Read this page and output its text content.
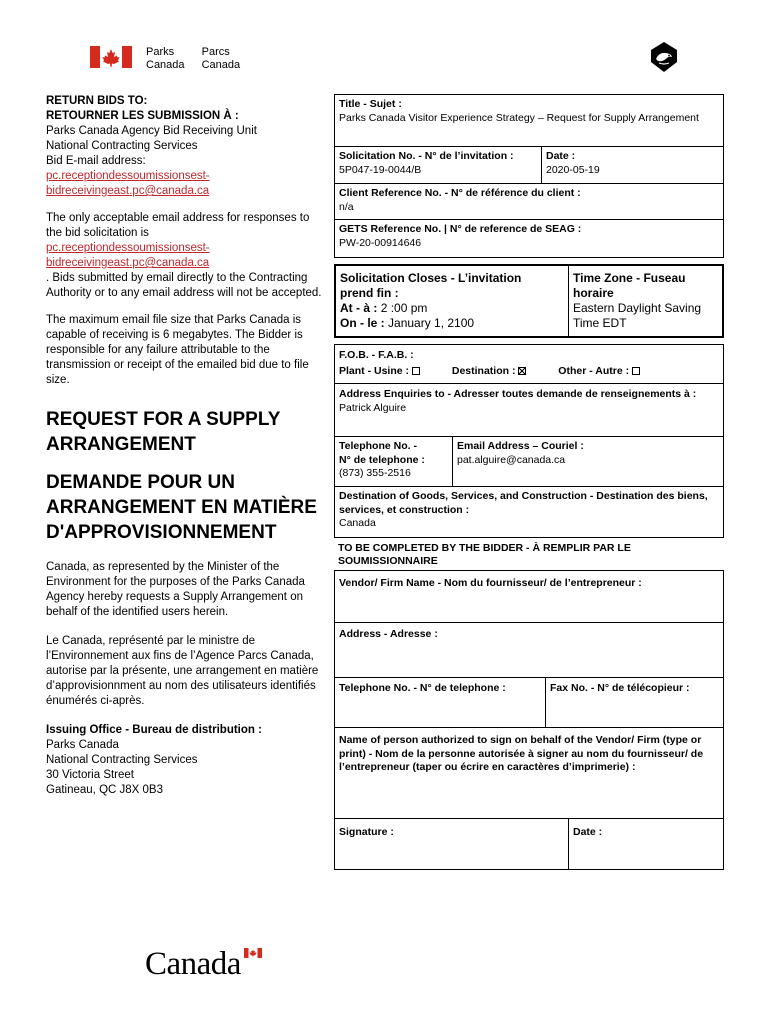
Parks
Canada

Parcs
Canada
RETURN BIDS TO:
RETOURNER LES SUBMISSION À :
Parks Canada Agency Bid Receiving Unit
National Contracting Services
Bid E-mail address:
pc.receptiondessoumissionsest-
bidreceivingeast.pc@canada.ca

The only acceptable email address for responses to the bid solicitation is

pc.receptiondessoumissionsest-
bidreceivingeast.pc@canada.ca

. Bids submitted by email directly to the Contracting Authority or to any email address will not be accepted.

The maximum email file size that Parks Canada is capable of receiving is 6 megabytes. The Bidder is responsible for any failure attributable to the transmission or receipt of the emailed bid due to file size.

REQUEST FOR A SUPPLY ARRANGEMENT

DEMANDE POUR UN ARRANGEMENT EN MATIÈRE D'APPROVISIONNEMENT

Canada, as represented by the Minister of the Environment for the purposes of the Parks Canada Agency hereby requests a Supply Arrangement on behalf of the identified users herein.

Le Canada, représenté par le ministre de l’Environnement aux fins de l’Agence Parcs Canada, autorise par la présente, une arrangement en matière d’approvisionnment au nom des utilisateurs identifiés énumérés ci-après.

Issuing Office - Bureau de distribution :
Parks Canada
National Contracting Services
30 Victoria Street
Gatineau, QC J8X 0B3
Title - Sujet :
Parks Canada Visitor Experience Strategy – Request for Supply Arrangement
Solicitation No. - N° de l’invitation :
5P047-19-0044/B
Date :
2020-05-19
Client Reference No. - N° de référence du client :
n/a
GETS Reference No. | N° de reference de SEAG :
PW-20-00914646
Solicitation Closes - L’invitation
prend fin :
At - à : 2 :00 pm
On - le : January 1, 2100
Time Zone - Fuseau
horaire
Eastern Daylight Saving
Time EDT
F.O.B. - F.A.B. :
Plant - Usine :	Destination :	Other - Autre :
Address Enquiries to - Adresser toutes demande de renseignements à :
Patrick Alguire
Telephone No. -
N° de telephone :
(873) 355-2516
Email Address – Couriel :
pat.alguire@canada.ca
Destination of Goods, Services, and Construction - Destination des biens, services, et construction :
Canada
TO BE COMPLETED BY THE BIDDER - À REMPLIR PAR LE SOUMISSIONNAIRE
Vendor/ Firm Name - Nom du fournisseur/ de l’entrepreneur :
Address - Adresse :
Telephone No. - N° de telephone :	Fax No. - N° de télécopieur :
Name of person authorized to sign on behalf of the Vendor/ Firm (type or print) - Nom de la personne autorisée à signer au nom du fournisseur/ de l’entrepreneur (taper ou écrire en caractères d’imprimerie) :
Signature :	Date :
Canada
